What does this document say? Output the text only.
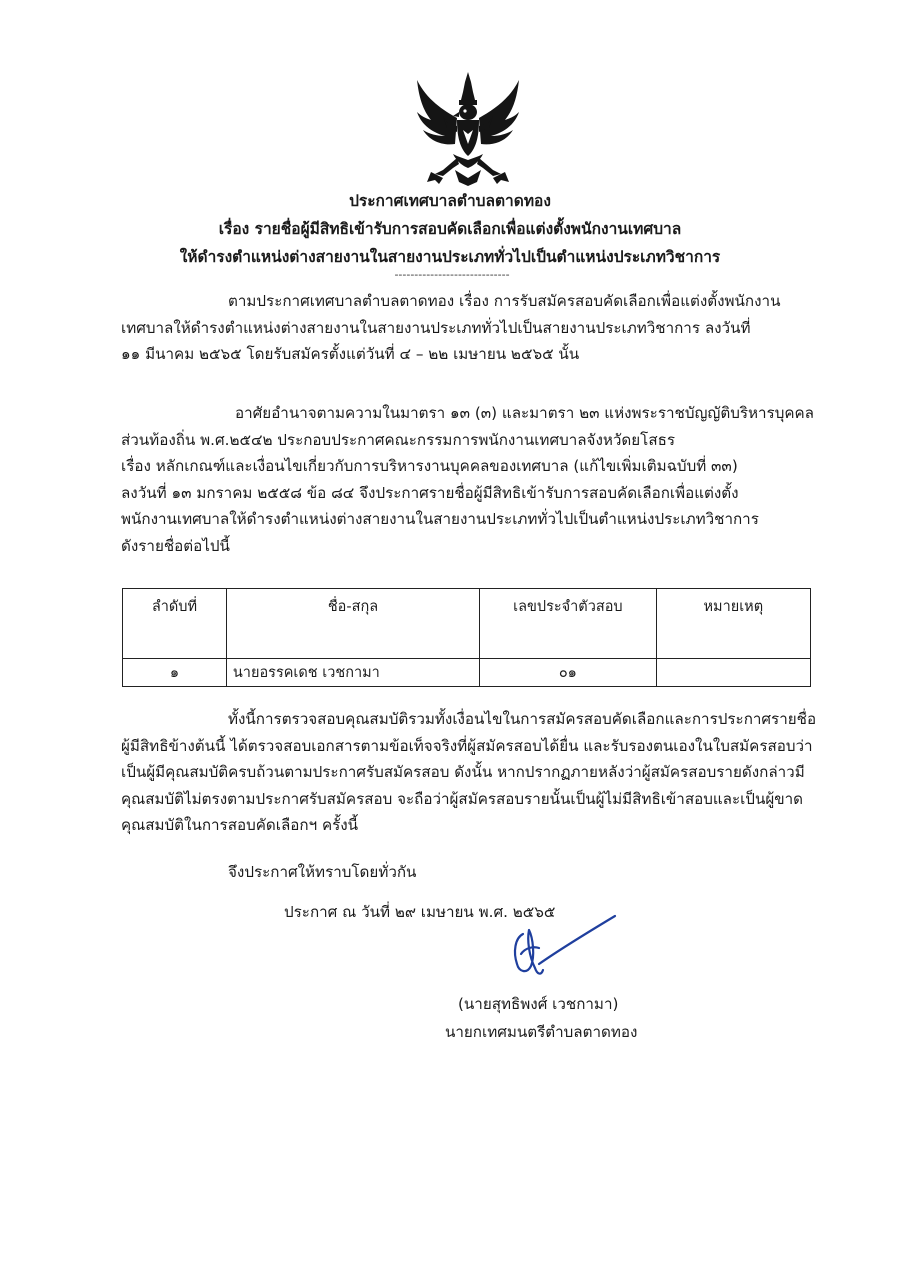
ประกาศเทศบาลตำบลตาดทอง
เรื่อง รายชื่อผู้มีสิทธิเข้ารับการสอบคัดเลือกเพื่อแต่งตั้งพนักงานเทศบาล
ให้ดำรงตำแหน่งต่างสายงานในสายงานประเภททั่วไปเป็นตำแหน่งประเภทวิชาการ
-----------------------------
ตามประกาศเทศบาลตำบลตาดทอง เรื่อง การรับสมัครสอบคัดเลือกเพื่อแต่งตั้งพนักงาน
เทศบาลให้ดำรงตำแหน่งต่างสายงานในสายงานประเภททั่วไปเป็นสายงานประเภทวิชาการ ลงวันที่
๑๑ มีนาคม ๒๕๖๕ โดยรับสมัครตั้งแต่วันที่ ๔ – ๒๒ เมษายน ๒๕๖๕ นั้น
อาศัยอำนาจตามความในมาตรา ๑๓ (๓) และมาตรา ๒๓ แห่งพระราชบัญญัติบริหารบุคคล
ส่วนท้องถิ่น พ.ศ.๒๕๔๒ ประกอบประกาศคณะกรรมการพนักงานเทศบาลจังหวัดยโสธร
เรื่อง หลักเกณฑ์และเงื่อนไขเกี่ยวกับการบริหารงานบุคคลของเทศบาล (แก้ไขเพิ่มเติมฉบับที่ ๓๓)
ลงวันที่ ๑๓ มกราคม ๒๕๕๘ ข้อ ๘๔ จึงประกาศรายชื่อผู้มีสิทธิเข้ารับการสอบคัดเลือกเพื่อแต่งตั้ง
พนักงานเทศบาลให้ดำรงตำแหน่งต่างสายงานในสายงานประเภททั่วไปเป็นตำแหน่งประเภทวิชาการ
ดังรายชื่อต่อไปนี้
ลำดับที่	ชื่อ-สกุล	เลขประจำตัวสอบ	หมายเหตุ
๑	นายอรรคเดช เวชกามา	๐๑	
ทั้งนี้การตรวจสอบคุณสมบัติรวมทั้งเงื่อนไขในการสมัครสอบคัดเลือกและการประกาศรายชื่อ
ผู้มีสิทธิข้างต้นนี้ ได้ตรวจสอบเอกสารตามข้อเท็จจริงที่ผู้สมัครสอบได้ยื่น และรับรองตนเองในใบสมัครสอบว่า
เป็นผู้มีคุณสมบัติครบถ้วนตามประกาศรับสมัครสอบ ดังนั้น หากปรากฏภายหลังว่าผู้สมัครสอบรายดังกล่าวมี
คุณสมบัติไม่ตรงตามประกาศรับสมัครสอบ จะถือว่าผู้สมัครสอบรายนั้นเป็นผู้ไม่มีสิทธิเข้าสอบและเป็นผู้ขาด
คุณสมบัติในการสอบคัดเลือกฯ ครั้งนี้
จึงประกาศให้ทราบโดยทั่วกัน
ประกาศ ณ วันที่ ๒๙ เมษายน พ.ศ. ๒๕๖๕
(นายสุทธิพงศ์ เวชกามา)
นายกเทศมนตรีตำบลตาดทอง
